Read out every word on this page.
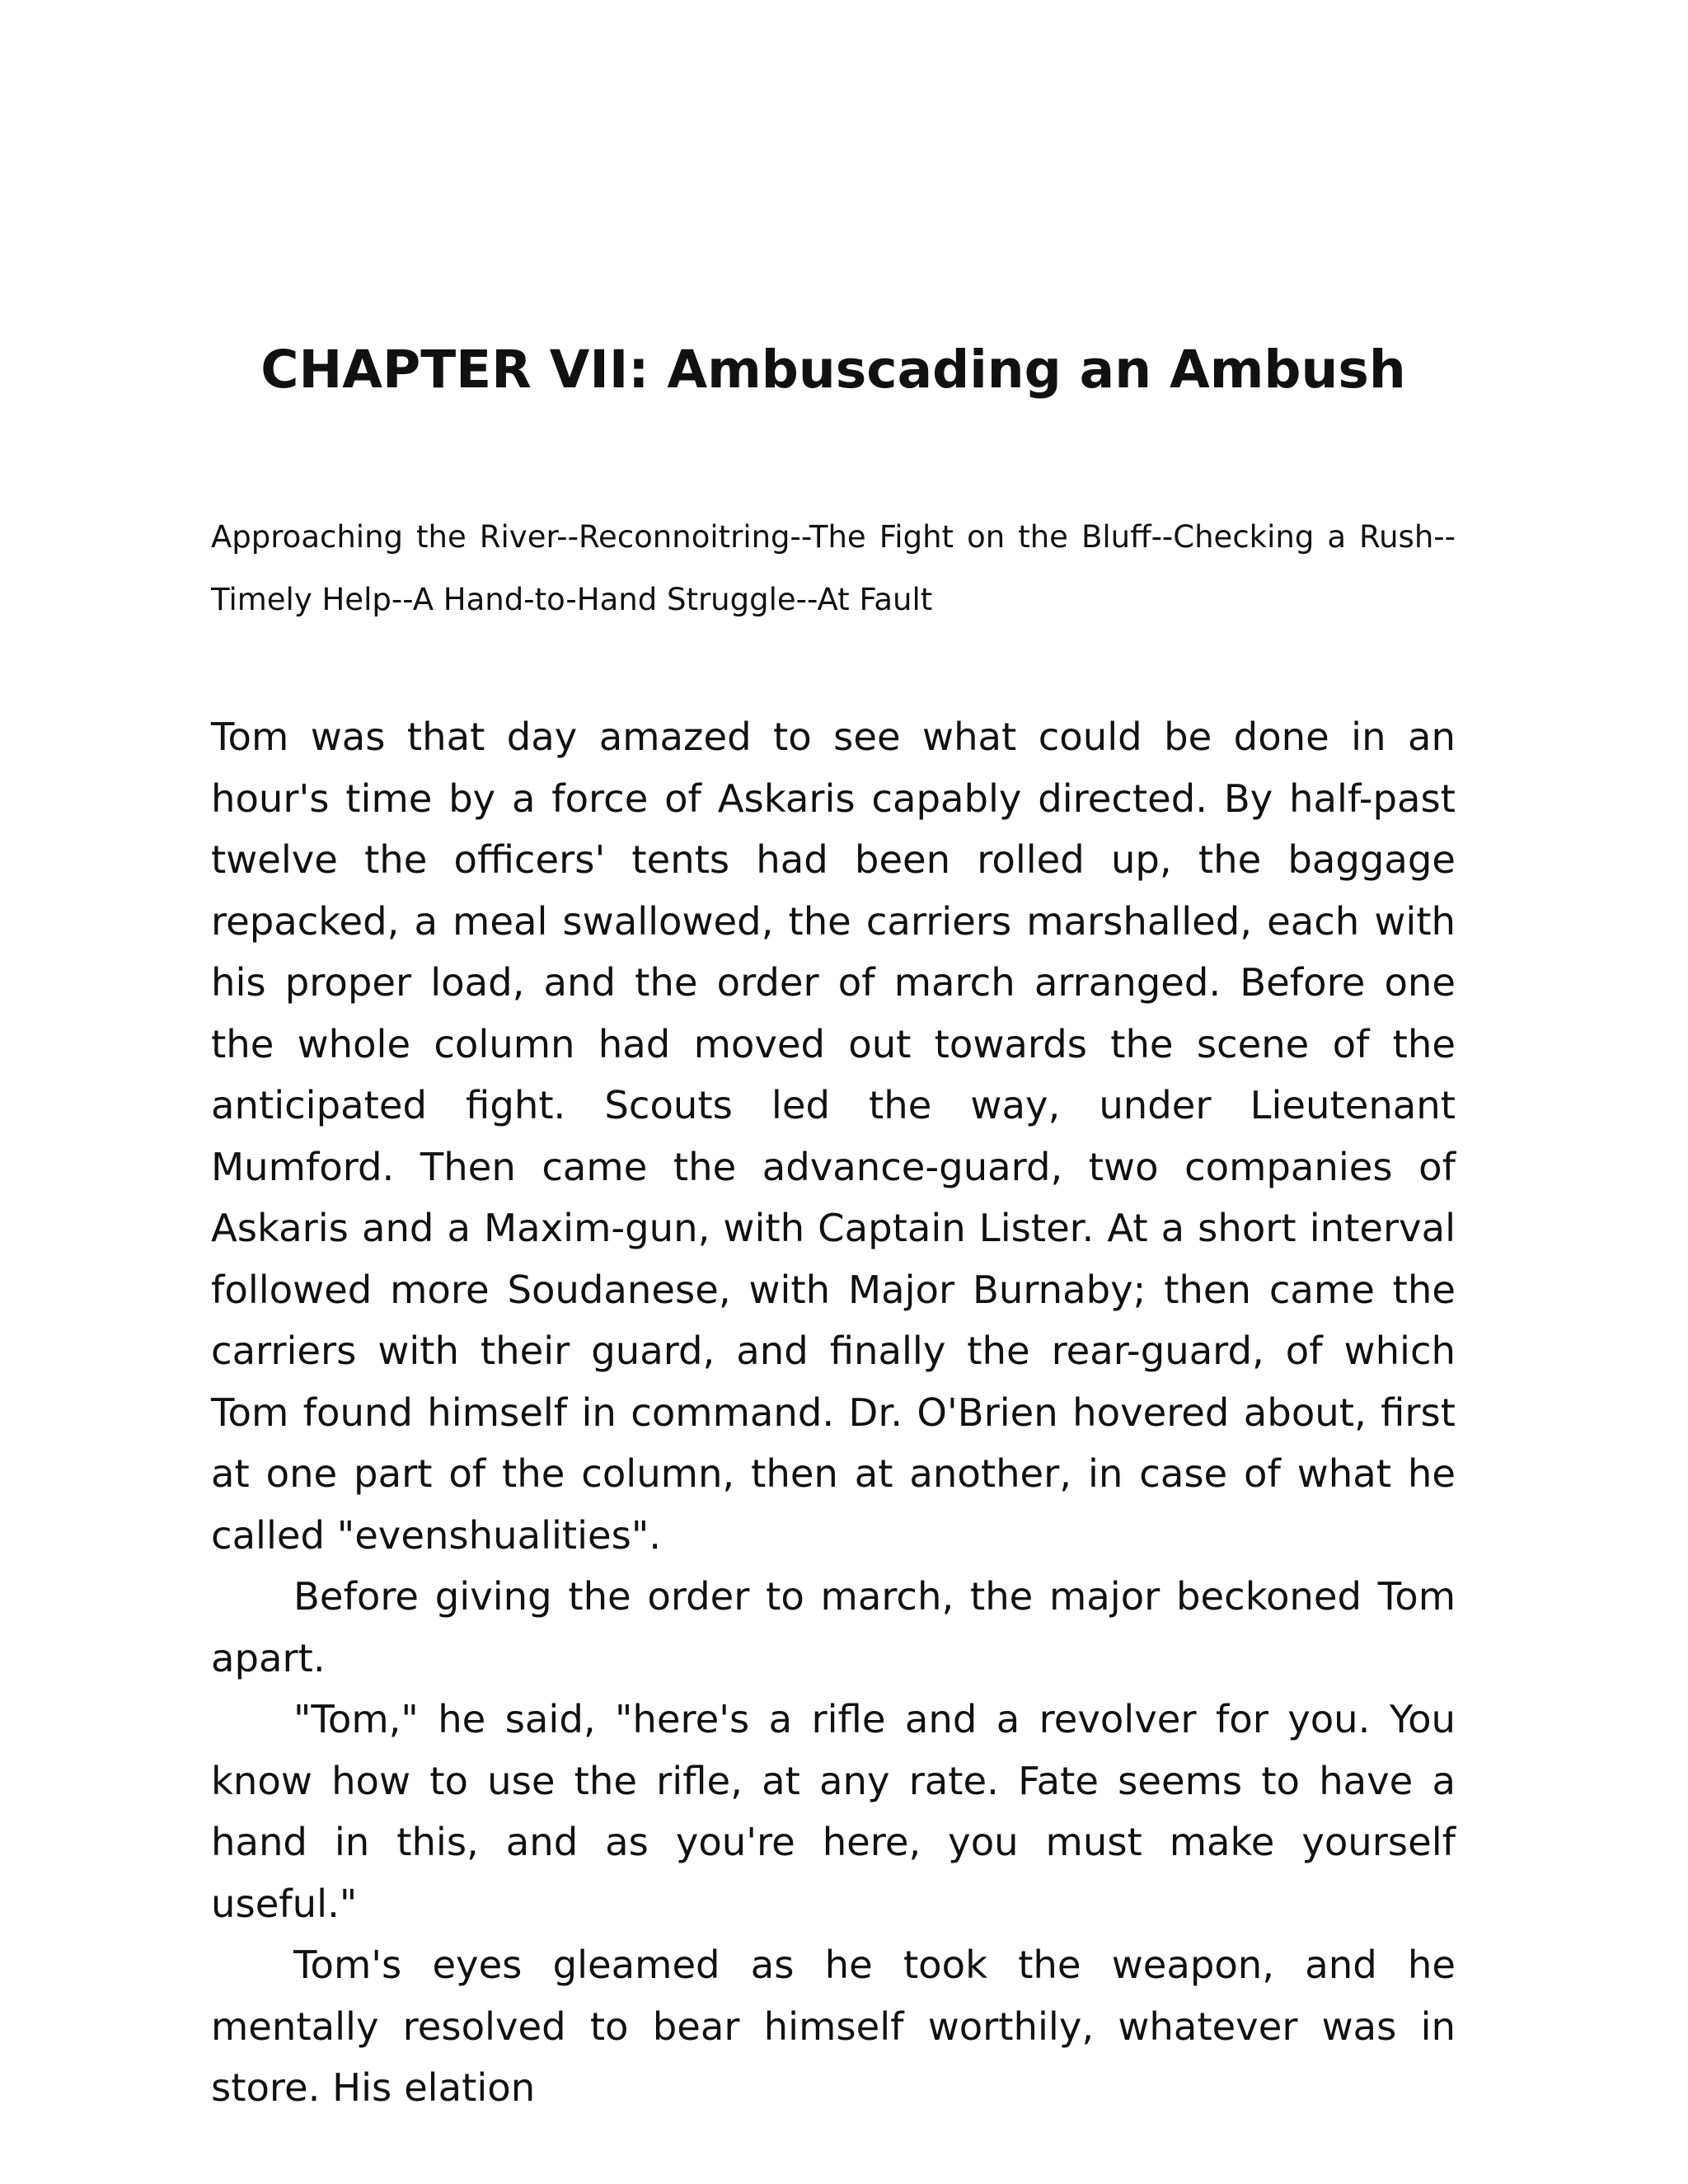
CHAPTER VII: Ambuscading an Ambush

Approaching the River--Reconnoitring--The Fight on the Bluff--Checking a Rush--Timely Help--A Hand-to-Hand Struggle--At Fault

Tom was that day amazed to see what could be done in an hour's time by a force of Askaris capably directed. By half-past twelve the officers' tents had been rolled up, the baggage repacked, a meal swallowed, the carriers marshalled, each with his proper load, and the order of march arranged. Before one the whole column had moved out towards the scene of the anticipated fight. Scouts led the way, under Lieutenant Mumford. Then came the advance-guard, two companies of Askaris and a Maxim-gun, with Captain Lister. At a short interval followed more Soudanese, with Major Burnaby; then came the carriers with their guard, and finally the rear-guard, of which Tom found himself in command. Dr. O'Brien hovered about, first at one part of the column, then at another, in case of what he called "evenshualities".

Before giving the order to march, the major beckoned Tom apart.

"Tom," he said, "here's a rifle and a revolver for you. You know how to use the rifle, at any rate. Fate seems to have a hand in this, and as you're here, you must make yourself useful."

Tom's eyes gleamed as he took the weapon, and he mentally resolved to bear himself worthily, whatever was in store. His elation
